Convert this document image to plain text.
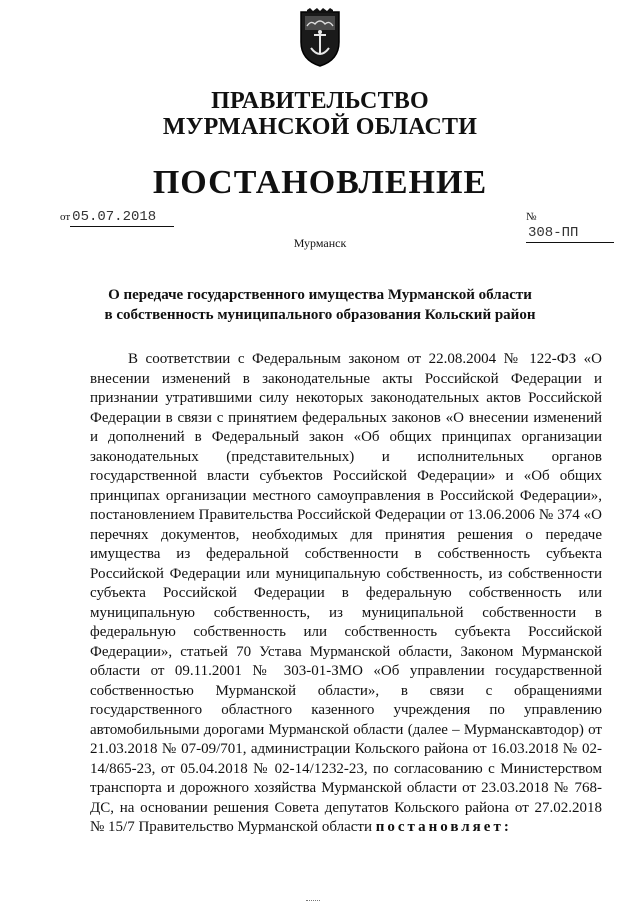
ПРАВИТЕЛЬСТВО
МУРМАНСКОЙ ОБЛАСТИ
ПОСТАНОВЛЕНИЕ
от 05.07.2018	№ 308-ПП
Мурманск
О передаче государственного имущества Мурманской области
в собственность муниципального образования Кольский район

В соответствии с Федеральным законом от 22.08.2004 № 122-ФЗ «О внесении изменений в законодательные акты Российской Федерации и признании утратившими силу некоторых законодательных актов Российской Федерации в связи с принятием федеральных законов «О внесении изменений и дополнений в Федеральный закон «Об общих принципах организации законодательных (представительных) и исполнительных органов государственной власти субъектов Российской Федерации» и «Об общих принципах организации местного самоуправления в Российской Федерации», постановлением Правительства Российской Федерации от 13.06.2006 № 374 «О перечнях документов, необходимых для принятия решения о передаче имущества из федеральной собственности в собственность субъекта Российской Федерации или муниципальную собственность, из собственности субъекта Российской Федерации в федеральную собственность или муниципальную собственность, из муниципальной собственности в федеральную собственность или собственность субъекта Российской Федерации», статьей 70 Устава Мурманской области, Законом Мурманской области от 09.11.2001 № 303-01-ЗМО «Об управлении государственной собственностью Мурманской области», в связи с обращениями государственного областного казенного учреждения по управлению автомобильными дорогами Мурманской области (далее – Мурманскавтодор) от 21.03.2018 № 07-09/701, администрации Кольского района от 16.03.2018 № 02-14/865-23, от 05.04.2018 № 02-14/1232-23, по согласованию с Министерством транспорта и дорожного хозяйства Мурманской области от 23.03.2018 № 768-ДС, на основании решения Совета депутатов Кольского района от 27.02.2018 № 15/7 Правительство Мурманской области постановляет:
